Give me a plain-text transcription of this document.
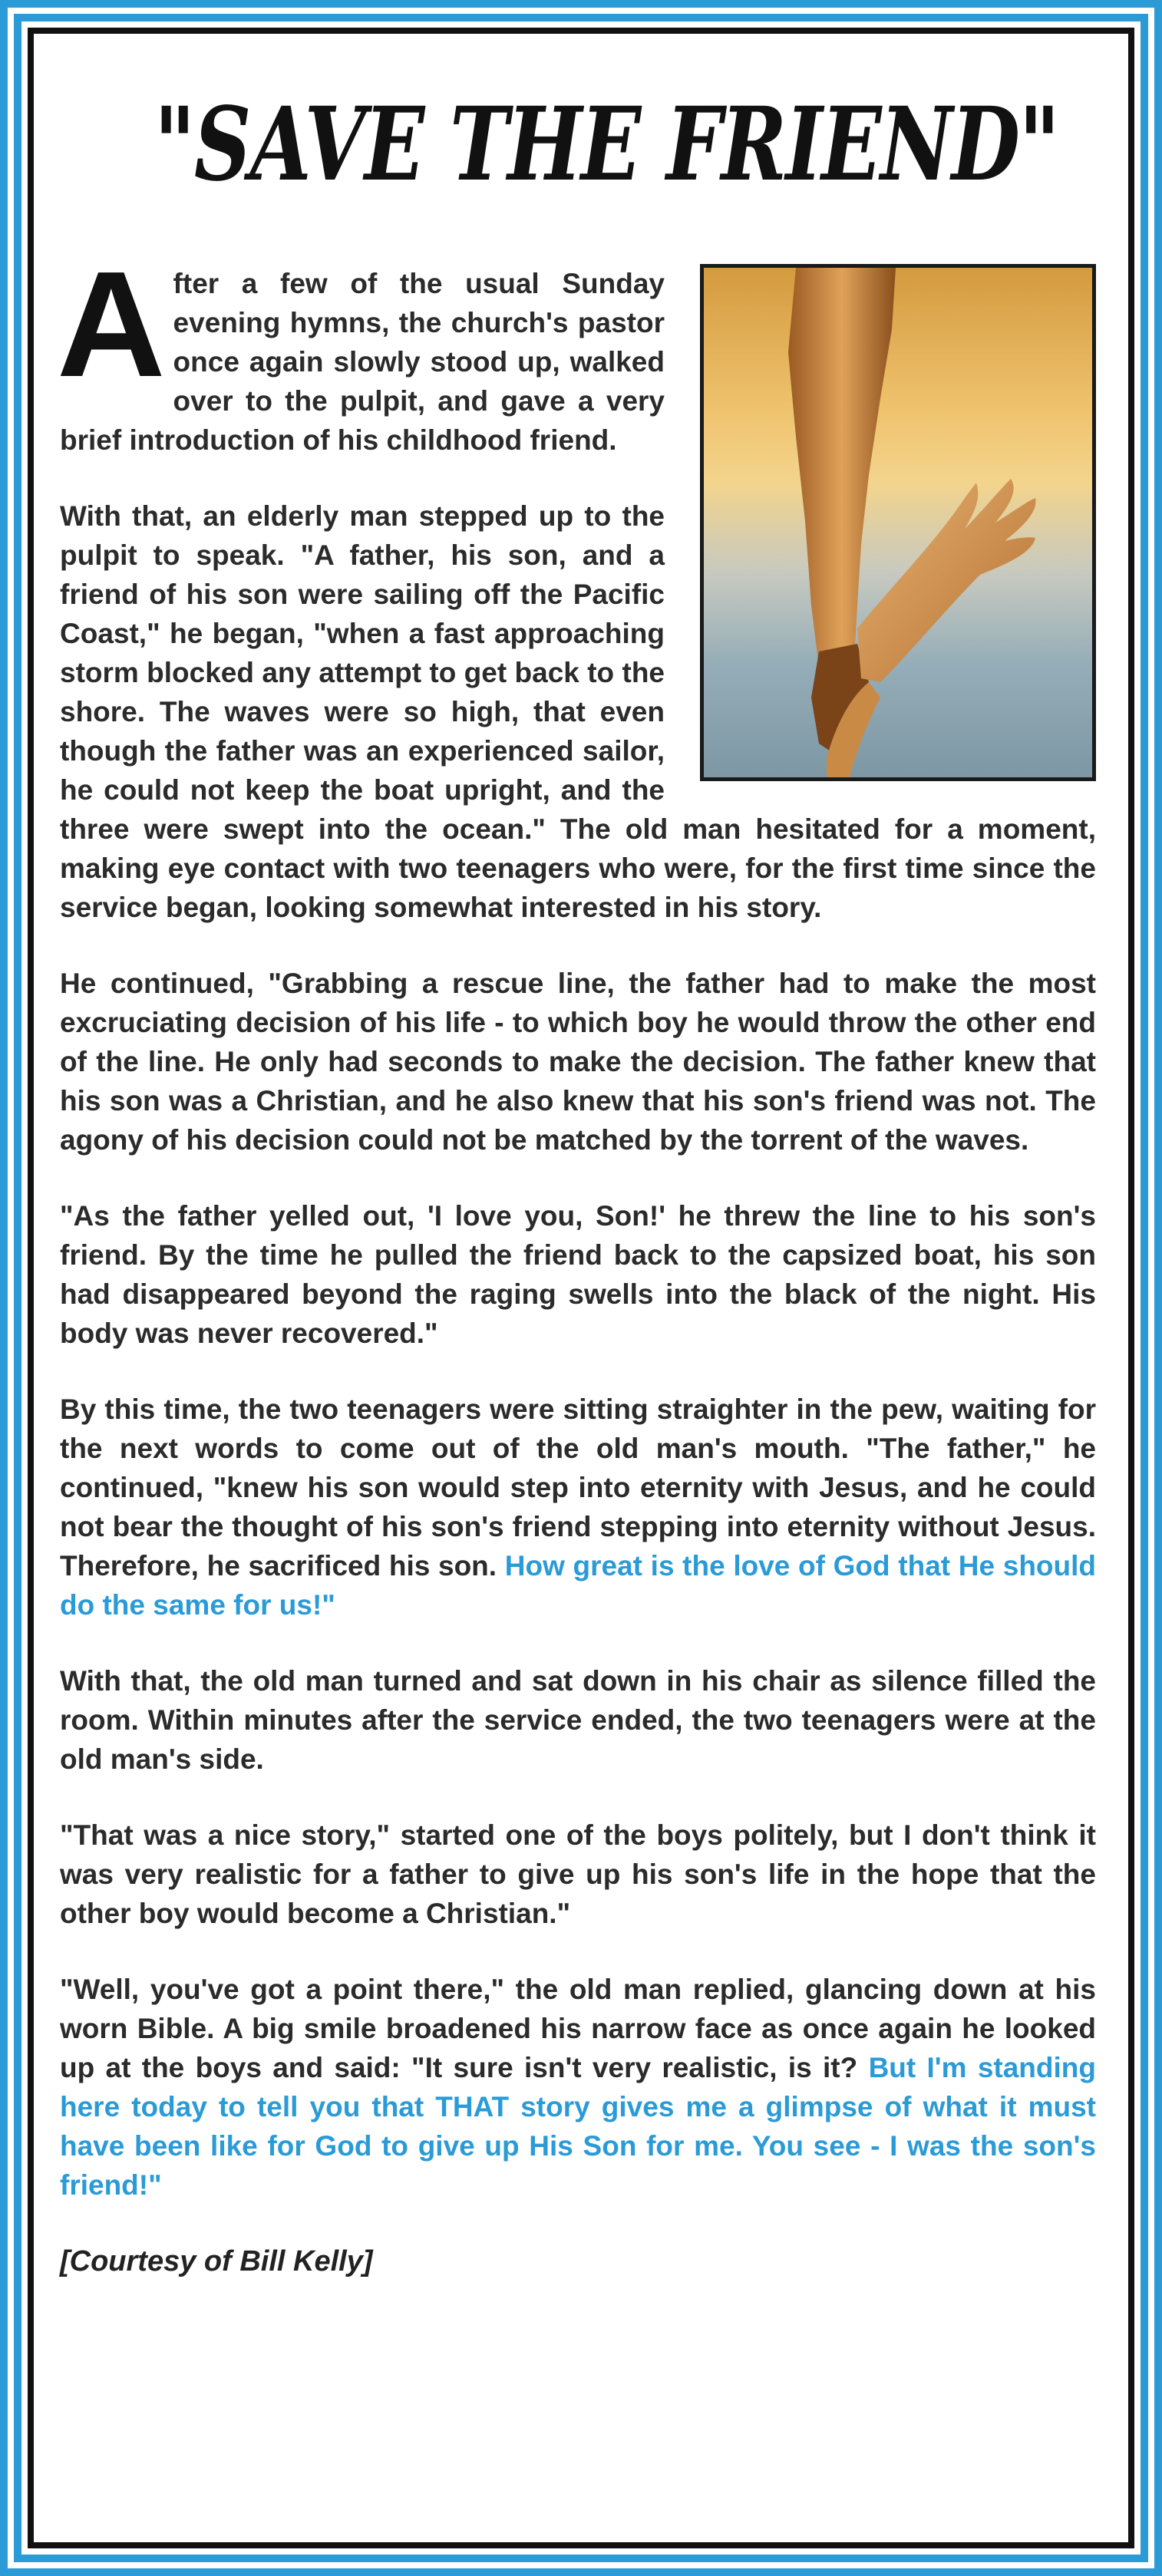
"SAVE THE FRIEND"

After a few of the usual Sunday evening hymns, the church's pastor once again slowly stood up, walked over to the pulpit, and gave a very brief introduction of his childhood friend.

With that, an elderly man stepped up to the pulpit to speak. "A father, his son, and a friend of his son were sailing off the Pacific Coast," he began, "when a fast approaching storm blocked any attempt to get back to the shore. The waves were so high, that even though the father was an experienced sailor, he could not keep the boat upright, and the three were swept into the ocean." The old man hesitated for a moment, making eye contact with two teenagers who were, for the first time since the service began, looking somewhat interested in his story.

He continued, "Grabbing a rescue line, the father had to make the most excruciating decision of his life - to which boy he would throw the other end of the line. He only had seconds to make the decision. The father knew that his son was a Christian, and he also knew that his son's friend was not. The agony of his decision could not be matched by the torrent of the waves.

"As the father yelled out, 'I love you, Son!' he threw the line to his son's friend. By the time he pulled the friend back to the capsized boat, his son had disappeared beyond the raging swells into the black of the night. His body was never recovered."

By this time, the two teenagers were sitting straighter in the pew, waiting for the next words to come out of the old man's mouth. "The father," he continued, "knew his son would step into eternity with Jesus, and he could not bear the thought of his son's friend stepping into eternity without Jesus. Therefore, he sacrificed his son. How great is the love of God that He should do the same for us!"

With that, the old man turned and sat down in his chair as silence filled the room. Within minutes after the service ended, the two teenagers were at the old man's side.

"That was a nice story," started one of the boys politely, but I don't think it was very realistic for a father to give up his son's life in the hope that the other boy would become a Christian."

"Well, you've got a point there," the old man replied, glancing down at his worn Bible. A big smile broadened his narrow face as once again he looked up at the boys and said: "It sure isn't very realistic, is it? But I'm standing here today to tell you that THAT story gives me a glimpse of what it must have been like for God to give up His Son for me. You see - I was the son's friend!"

[Courtesy of Bill Kelly]
